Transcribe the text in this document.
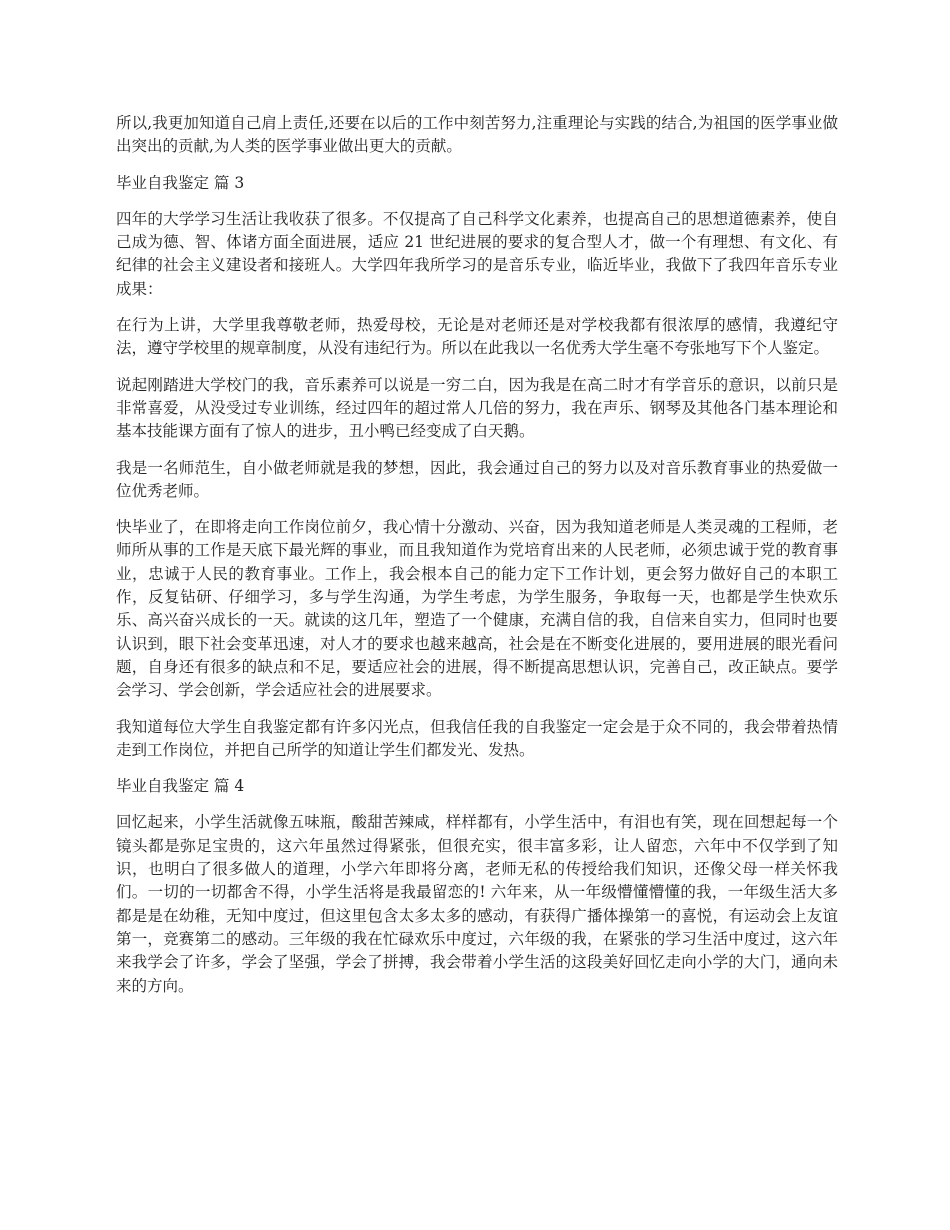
所以,我更加知道自己肩上责任,还要在以后的工作中刻苦努力,注重理论与实践的结合,为祖国的医学事业做出突出的贡献,为人类的医学事业做出更大的贡献。

毕业自我鉴定 篇 3

四年的大学学习生活让我收获了很多。不仅提高了自己科学文化素养，也提高自己的思想道德素养，使自己成为德、智、体诸方面全面进展，适应 21 世纪进展的要求的复合型人才，做一个有理想、有文化、有纪律的社会主义建设者和接班人。大学四年我所学习的是音乐专业，临近毕业，我做下了我四年音乐专业成果：

在行为上讲，大学里我尊敬老师，热爱母校，无论是对老师还是对学校我都有很浓厚的感情，我遵纪守法，遵守学校里的规章制度，从没有违纪行为。所以在此我以一名优秀大学生毫不夸张地写下个人鉴定。

说起刚踏进大学校门的我，音乐素养可以说是一穷二白，因为我是在高二时才有学音乐的意识，以前只是非常喜爱，从没受过专业训练，经过四年的超过常人几倍的努力，我在声乐、钢琴及其他各门基本理论和基本技能课方面有了惊人的进步，丑小鸭已经变成了白天鹅。

我是一名师范生，自小做老师就是我的梦想，因此，我会通过自己的努力以及对音乐教育事业的热爱做一位优秀老师。

快毕业了，在即将走向工作岗位前夕，我心情十分激动、兴奋，因为我知道老师是人类灵魂的工程师，老师所从事的工作是天底下最光辉的事业，而且我知道作为党培育出来的人民老师，必须忠诚于党的教育事业，忠诚于人民的教育事业。工作上，我会根本自己的能力定下工作计划，更会努力做好自己的本职工作，反复钻研、仔细学习，多与学生沟通，为学生考虑，为学生服务，争取每一天，也都是学生快欢乐乐、高兴奋兴成长的一天。就读的这几年，塑造了一个健康，充满自信的我，自信来自实力，但同时也要认识到，眼下社会变革迅速，对人才的要求也越来越高，社会是在不断变化进展的，要用进展的眼光看问题，自身还有很多的缺点和不足，要适应社会的进展，得不断提高思想认识，完善自己，改正缺点。要学会学习、学会创新，学会适应社会的进展要求。

我知道每位大学生自我鉴定都有许多闪光点，但我信任我的自我鉴定一定会是于众不同的，我会带着热情走到工作岗位，并把自己所学的知道让学生们都发光、发热。

毕业自我鉴定 篇 4

回忆起来，小学生活就像五味瓶，酸甜苦辣咸，样样都有，小学生活中，有泪也有笑，现在回想起每一个镜头都是弥足宝贵的，这六年虽然过得紧张，但很充实，很丰富多彩，让人留恋，六年中不仅学到了知识，也明白了很多做人的道理，小学六年即将分离，老师无私的传授给我们知识，还像父母一样关怀我们。一切的一切都舍不得，小学生活将是我最留恋的! 六年来，从一年级懵懂懵懂的我，一年级生活大多都是是在幼稚，无知中度过，但这里包含太多太多的感动，有获得广播体操第一的喜悦，有运动会上友谊第一，竞赛第二的感动。三年级的我在忙碌欢乐中度过，六年级的我，在紧张的学习生活中度过，这六年来我学会了许多，学会了坚强，学会了拼搏，我会带着小学生活的这段美好回忆走向小学的大门，通向未来的方向。
